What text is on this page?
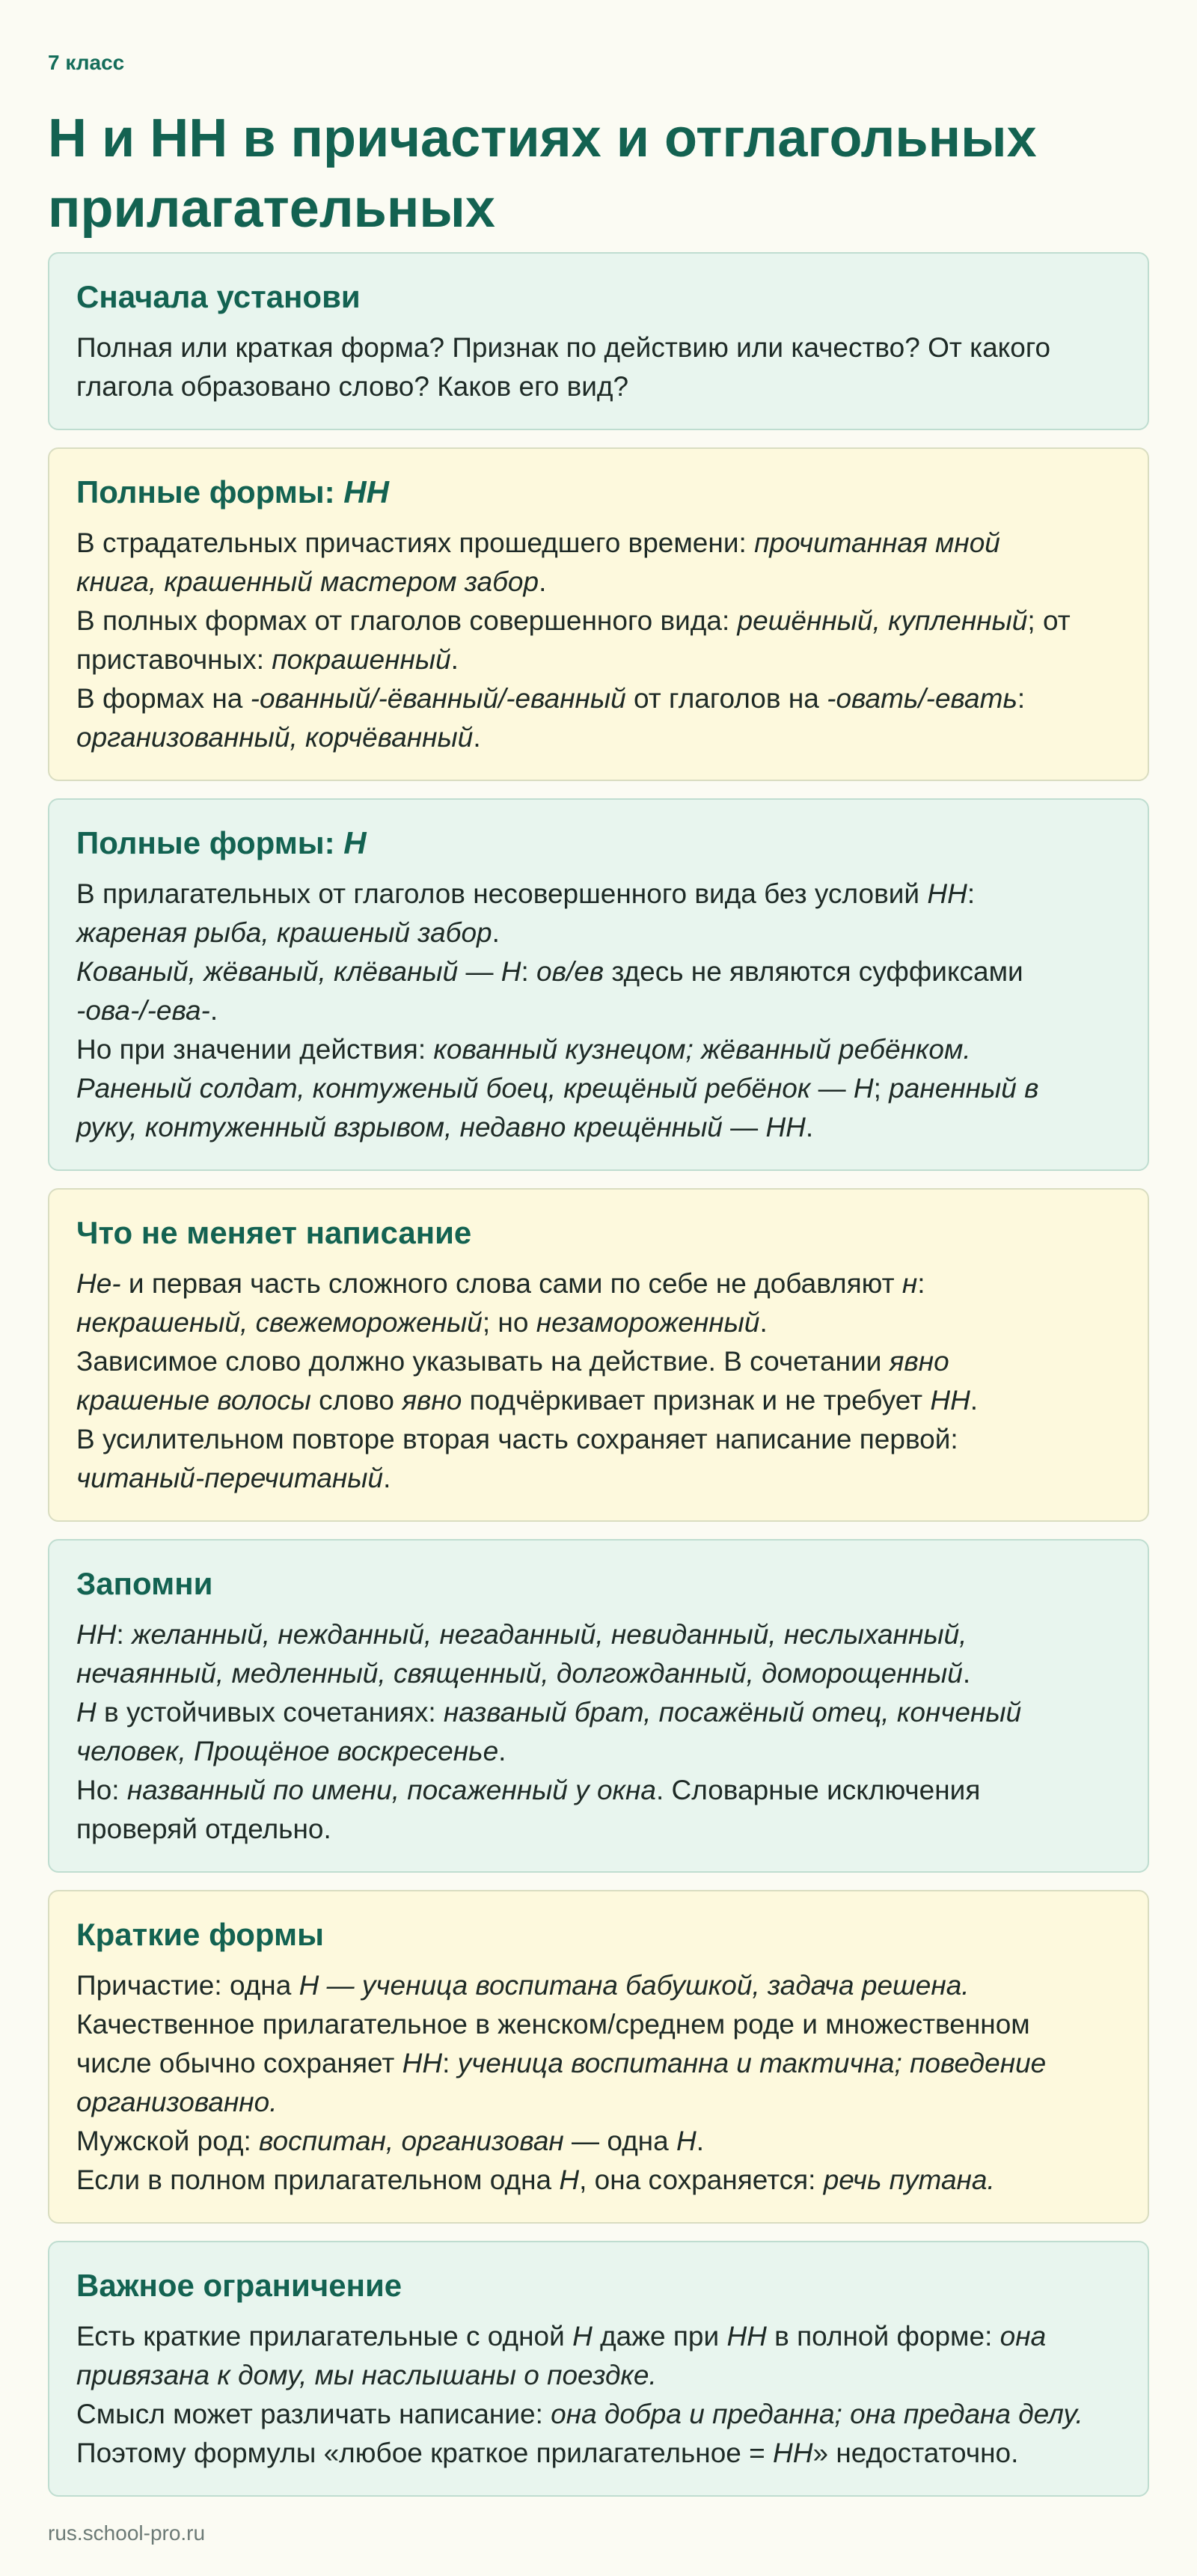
7 класс
Н и НН в причастиях и отглагольных
прилагательных
Сначала установи
Полная или краткая форма? Признак по действию или качество? От какого
глагола образовано слово? Каков его вид?
Полные формы: НН
В страдательных причастиях прошедшего времени: прочитанная мной
книга, крашенный мастером забор.
В полных формах от глаголов совершенного вида: решённый, купленный; от
приставочных: покрашенный.
В формах на -ованный/-ёванный/-еванный от глаголов на -овать/-евать:
организованный, корчёванный.
Полные формы: Н
В прилагательных от глаголов несовершенного вида без условий НН:
жареная рыба, крашеный забор.
Кованый, жёваный, клёваный — Н: ов/ев здесь не являются суффиксами
-ова-/-ева-.
Но при значении действия: кованный кузнецом; жёванный ребёнком.
Раненый солдат, контуженый боец, крещёный ребёнок — Н; раненный в
руку, контуженный взрывом, недавно крещённый — НН.
Что не меняет написание
Не- и первая часть сложного слова сами по себе не добавляют н:
некрашеный, свежемороженый; но незамороженный.
Зависимое слово должно указывать на действие. В сочетании явно
крашеные волосы слово явно подчёркивает признак и не требует НН.
В усилительном повторе вторая часть сохраняет написание первой:
читаный-перечитаный.
Запомни
НН: желанный, нежданный, негаданный, невиданный, неслыханный,
нечаянный, медленный, священный, долгожданный, доморощенный.
Н в устойчивых сочетаниях: названый брат, посажёный отец, конченый
человек, Прощёное воскресенье.
Но: названный по имени, посаженный у окна. Словарные исключения
проверяй отдельно.
Краткие формы
Причастие: одна Н — ученица воспитана бабушкой, задача решена.
Качественное прилагательное в женском/среднем роде и множественном
числе обычно сохраняет НН: ученица воспитанна и тактична; поведение
организованно.
Мужской род: воспитан, организован — одна Н.
Если в полном прилагательном одна Н, она сохраняется: речь путана.
Важное ограничение
Есть краткие прилагательные с одной Н даже при НН в полной форме: она
привязана к дому, мы наслышаны о поездке.
Смысл может различать написание: она добра и преданна; она предана делу.
Поэтому формулы «любое краткое прилагательное = НН» недостаточно.
rus.school-pro.ru
